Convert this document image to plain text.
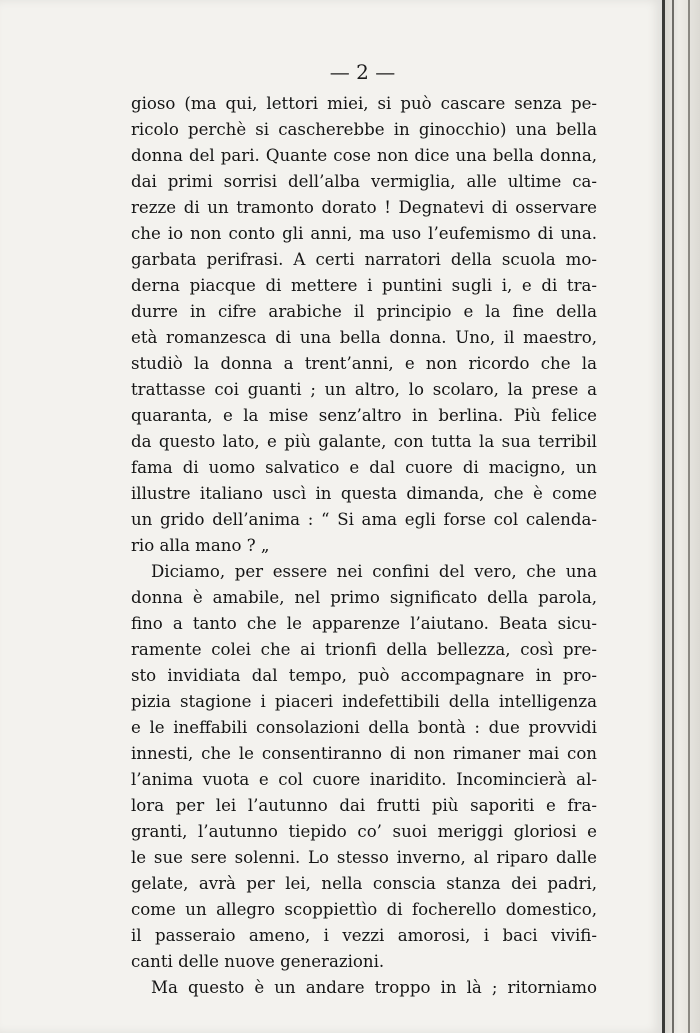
— 2 —
gioso (ma qui, lettori miei, si può cascare senza pe-
ricolo perchè si cascherebbe in ginocchio) una bella
donna del pari. Quante cose non dice una bella donna,
dai primi sorrisi dell’alba vermiglia, alle ultime ca-
rezze di un tramonto dorato ! Degnatevi di osservare
che io non conto gli anni, ma uso l’eufemismo di una.
garbata perifrasi. A certi narratori della scuola mo-
derna piacque di mettere i puntini sugli i, e di tra-
durre in cifre arabiche il principio e la fine della
età romanzesca di una bella donna. Uno, il maestro,
studiò la donna a trent’anni, e non ricordo che la
trattasse coi guanti ; un altro, lo scolaro, la prese a
quaranta, e la mise senz’altro in berlina. Più felice
da questo lato, e più galante, con tutta la sua terribil
fama di uomo salvatico e dal cuore di macigno, un
illustre italiano uscì in questa dimanda, che è come
un grido dell’anima : “ Si ama egli forse col calenda-
rio alla mano ? „
Diciamo, per essere nei confini del vero, che una
donna è amabile, nel primo significato della parola,
fino a tanto che le apparenze l’aiutano. Beata sicu-
ramente colei che ai trionfi della bellezza, così pre-
sto invidiata dal tempo, può accompagnare in pro-
pizia stagione i piaceri indefettibili della intelligenza
e le ineffabili consolazioni della bontà : due provvidi
innesti, che le consentiranno di non rimaner mai con
l’anima vuota e col cuore inaridito. Incomincierà al-
lora per lei l’autunno dai frutti più saporiti e fra-
granti, l’autunno tiepido co’ suoi meriggi gloriosi e
le sue sere solenni. Lo stesso inverno, al riparo dalle
gelate, avrà per lei, nella conscia stanza dei padri,
come un allegro scoppiettìo di focherello domestico,
il passeraio ameno, i vezzi amorosi, i baci vivifi-
canti delle nuove generazioni.
Ma questo è un andare troppo in là ; ritorniamo
